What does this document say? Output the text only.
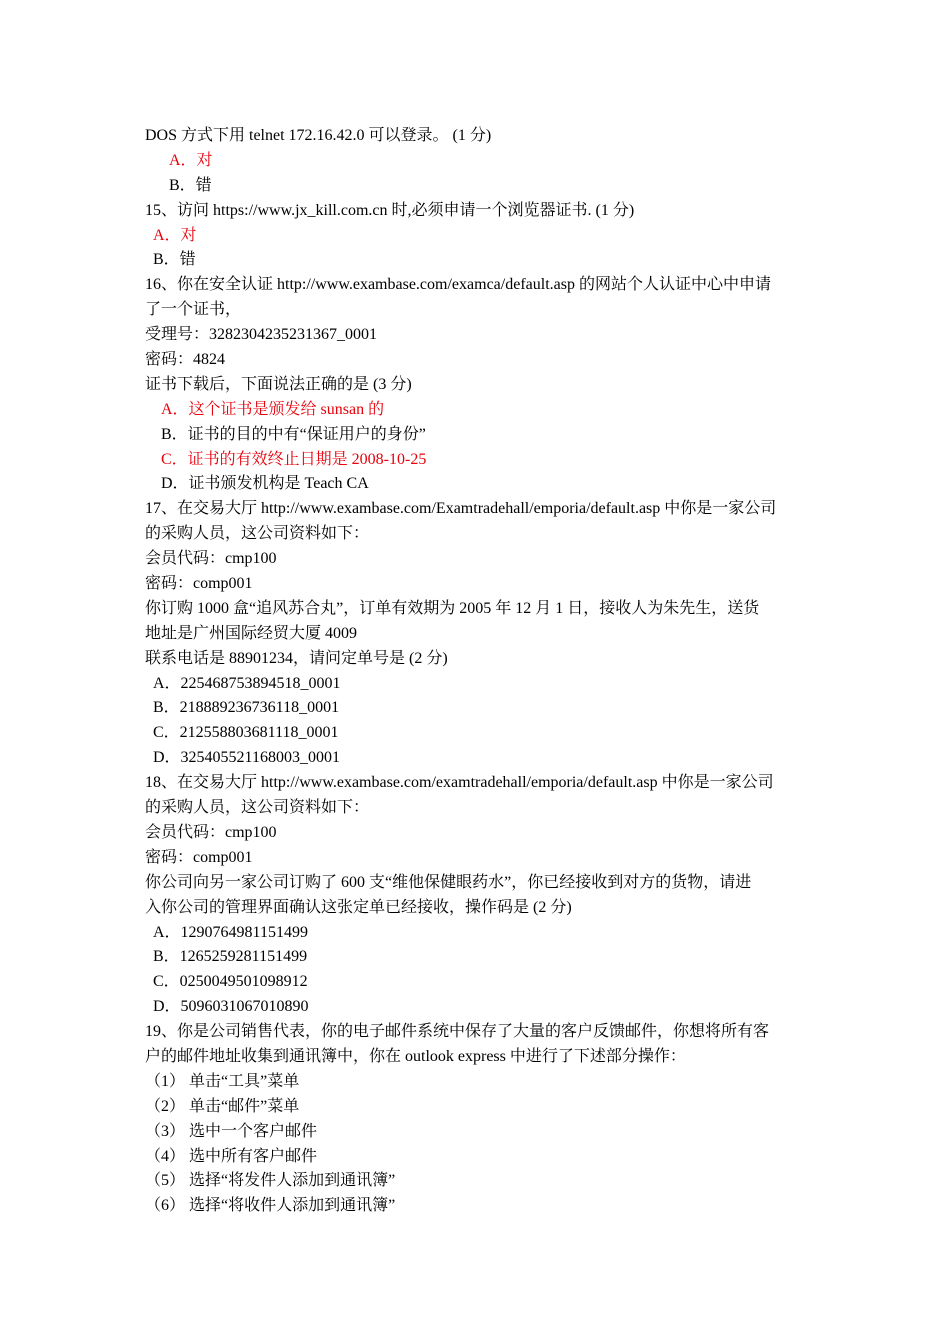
DOS 方式下用 telnet 172.16.42.0 可以登录。 (1 分)
A．对
B．错
15、访问 https://www.jx_kill.com.cn 时,必须申请一个浏览器证书. (1 分)
A．对
B．错
16、你在安全认证 http://www.exambase.com/examca/default.asp 的网站个人认证中心中申请
了一个证书，
受理号：3282304235231367_0001
密码：4824
证书下载后，下面说法正确的是 (3 分)
A．这个证书是颁发给 sunsan 的
B．证书的目的中有“保证用户的身份”
C．证书的有效终止日期是 2008-10-25
D．证书颁发机构是 Teach CA
17、在交易大厅 http://www.exambase.com/Examtradehall/emporia/default.asp 中你是一家公司
的采购人员，这公司资料如下：
会员代码：cmp100
密码：comp001
你订购 1000 盒“追风苏合丸”，订单有效期为 2005 年 12 月 1 日，接收人为朱先生，送货
地址是广州国际经贸大厦 4009
联系电话是 88901234，请问定单号是 (2 分)
A．225468753894518_0001
B．218889236736118_0001
C．212558803681118_0001
D．325405521168003_0001
18、在交易大厅 http://www.exambase.com/examtradehall/emporia/default.asp 中你是一家公司
的采购人员，这公司资料如下：
会员代码：cmp100
密码：comp001
你公司向另一家公司订购了 600 支“维他保健眼药水”，你已经接收到对方的货物，请进
入你公司的管理界面确认这张定单已经接收，操作码是 (2 分)
A．1290764981151499
B．1265259281151499
C．0250049501098912
D．5096031067010890
19、你是公司销售代表，你的电子邮件系统中保存了大量的客户反馈邮件，你想将所有客
户的邮件地址收集到通讯簿中，你在 outlook express 中进行了下述部分操作：
（1） 单击“工具”菜单
（2） 单击“邮件”菜单
（3） 选中一个客户邮件
（4） 选中所有客户邮件
（5） 选择“将发件人添加到通讯簿”
（6） 选择“将收件人添加到通讯簿”
